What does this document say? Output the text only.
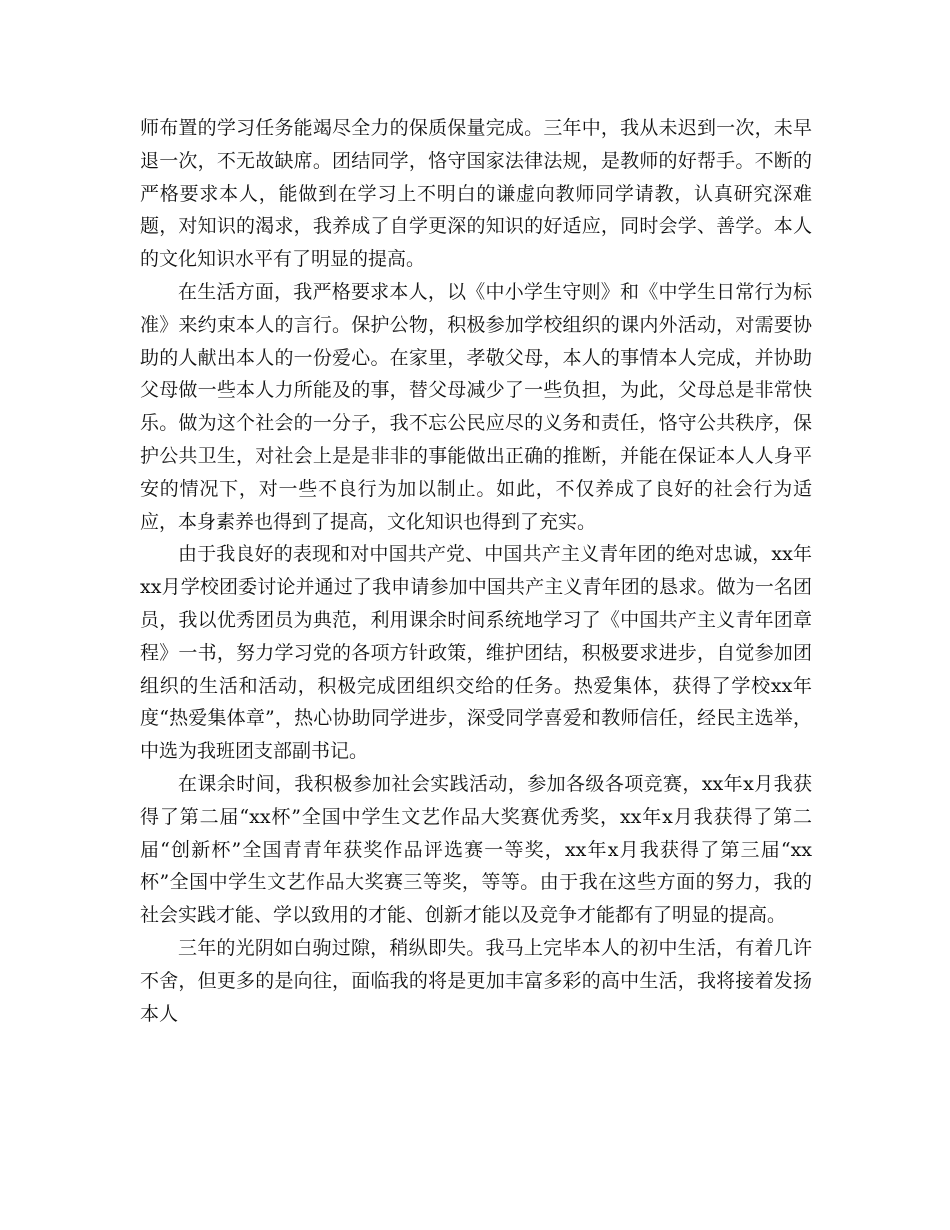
师布置的学习任务能竭尽全力的保质保量完成。三年中，我从未迟到一次，未早退一次，不无故缺席。团结同学，恪守国家法律法规，是教师的好帮手。不断的严格要求本人，能做到在学习上不明白的谦虚向教师同学请教，认真研究深难题，对知识的渴求，我养成了自学更深的知识的好适应，同时会学、善学。本人的文化知识水平有了明显的提高。

在生活方面，我严格要求本人，以《中小学生守则》和《中学生日常行为标准》来约束本人的言行。保护公物，积极参加学校组织的课内外活动，对需要协助的人献出本人的一份爱心。在家里，孝敬父母，本人的事情本人完成，并协助父母做一些本人力所能及的事，替父母减少了一些负担，为此，父母总是非常快乐。做为这个社会的一分子，我不忘公民应尽的义务和责任，恪守公共秩序，保护公共卫生，对社会上是是非非的事能做出正确的推断，并能在保证本人人身平安的情况下，对一些不良行为加以制止。如此，不仅养成了良好的社会行为适应，本身素养也得到了提高，文化知识也得到了充实。

由于我良好的表现和对中国共产党、中国共产主义青年团的绝对忠诚，xx年xx月学校团委讨论并通过了我申请参加中国共产主义青年团的恳求。做为一名团员，我以优秀团员为典范，利用课余时间系统地学习了《中国共产主义青年团章程》一书，努力学习党的各项方针政策，维护团结，积极要求进步，自觉参加团组织的生活和活动，积极完成团组织交给的任务。热爱集体，获得了学校xx年度“热爱集体章”，热心协助同学进步，深受同学喜爱和教师信任，经民主选举，中选为我班团支部副书记。

在课余时间，我积极参加社会实践活动，参加各级各项竞赛，xx年x月我获得了第二届“xx杯”全国中学生文艺作品大奖赛优秀奖，xx年x月我获得了第二届“创新杯”全国青青年获奖作品评选赛一等奖，xx年x月我获得了第三届“xx杯”全国中学生文艺作品大奖赛三等奖，等等。由于我在这些方面的努力，我的社会实践才能、学以致用的才能、创新才能以及竞争才能都有了明显的提高。

三年的光阴如白驹过隙，稍纵即失。我马上完毕本人的初中生活，有着几许不舍，但更多的是向往，面临我的将是更加丰富多彩的高中生活，我将接着发扬本人
